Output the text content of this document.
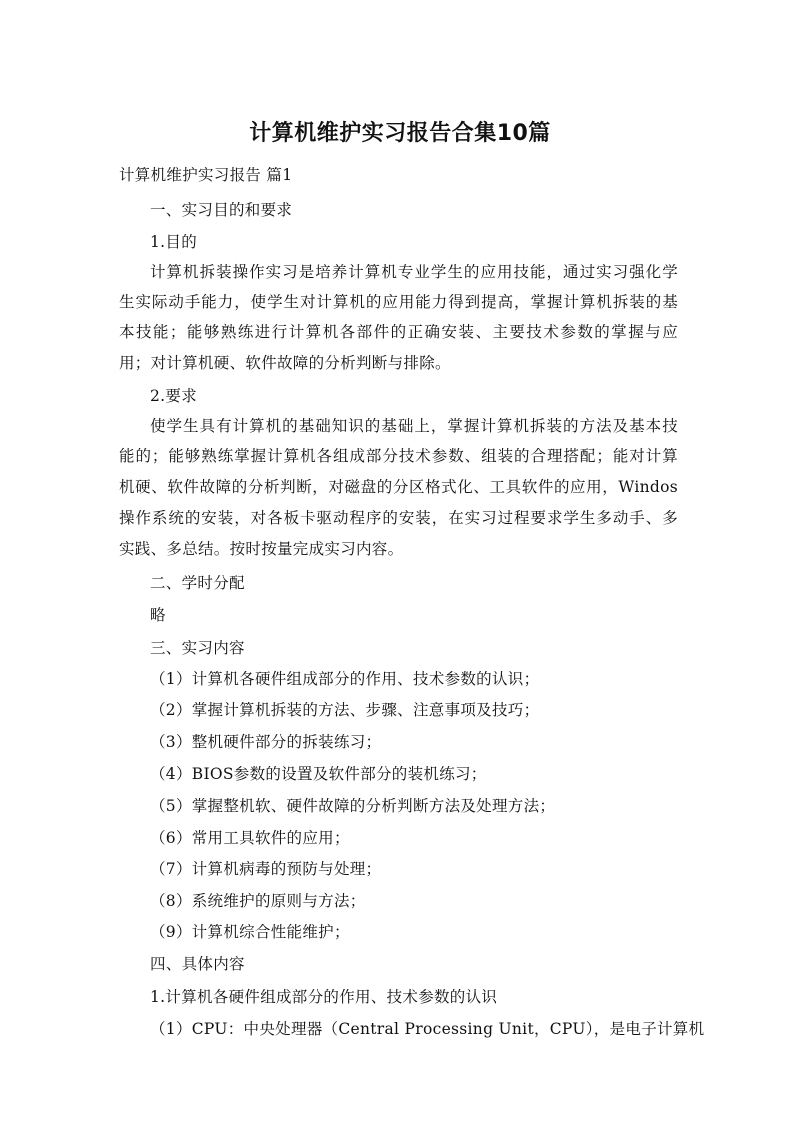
计算机维护实习报告合集10篇
计算机维护实习报告 篇1
一、实习目的和要求
1.目的
计算机拆装操作实习是培养计算机专业学生的应用技能，通过实习强化学
生实际动手能力，使学生对计算机的应用能力得到提高，掌握计算机拆装的基
本技能；能够熟练进行计算机各部件的正确安装、主要技术参数的掌握与应
用；对计算机硬、软件故障的分析判断与排除。
2.要求
使学生具有计算机的基础知识的基础上，掌握计算机拆装的方法及基本技
能的；能够熟练掌握计算机各组成部分技术参数、组装的合理搭配；能对计算
机硬、软件故障的分析判断，对磁盘的分区格式化、工具软件的应用，Windos
操作系统的安装，对各板卡驱动程序的安装，在实习过程要求学生多动手、多
实践、多总结。按时按量完成实习内容。
二、学时分配
略
三、实习内容
（1）计算机各硬件组成部分的作用、技术参数的认识；
（2）掌握计算机拆装的方法、步骤、注意事项及技巧；
（3）整机硬件部分的拆装练习；
（4）BIOS参数的设置及软件部分的装机练习；
（5）掌握整机软、硬件故障的分析判断方法及处理方法；
（6）常用工具软件的应用；
（7）计算机病毒的预防与处理；
（8）系统维护的原则与方法；
（9）计算机综合性能维护；
四、具体内容
1.计算机各硬件组成部分的作用、技术参数的认识
（1）CPU：中央处理器（Central Processing Unit，CPU），是电子计算机
